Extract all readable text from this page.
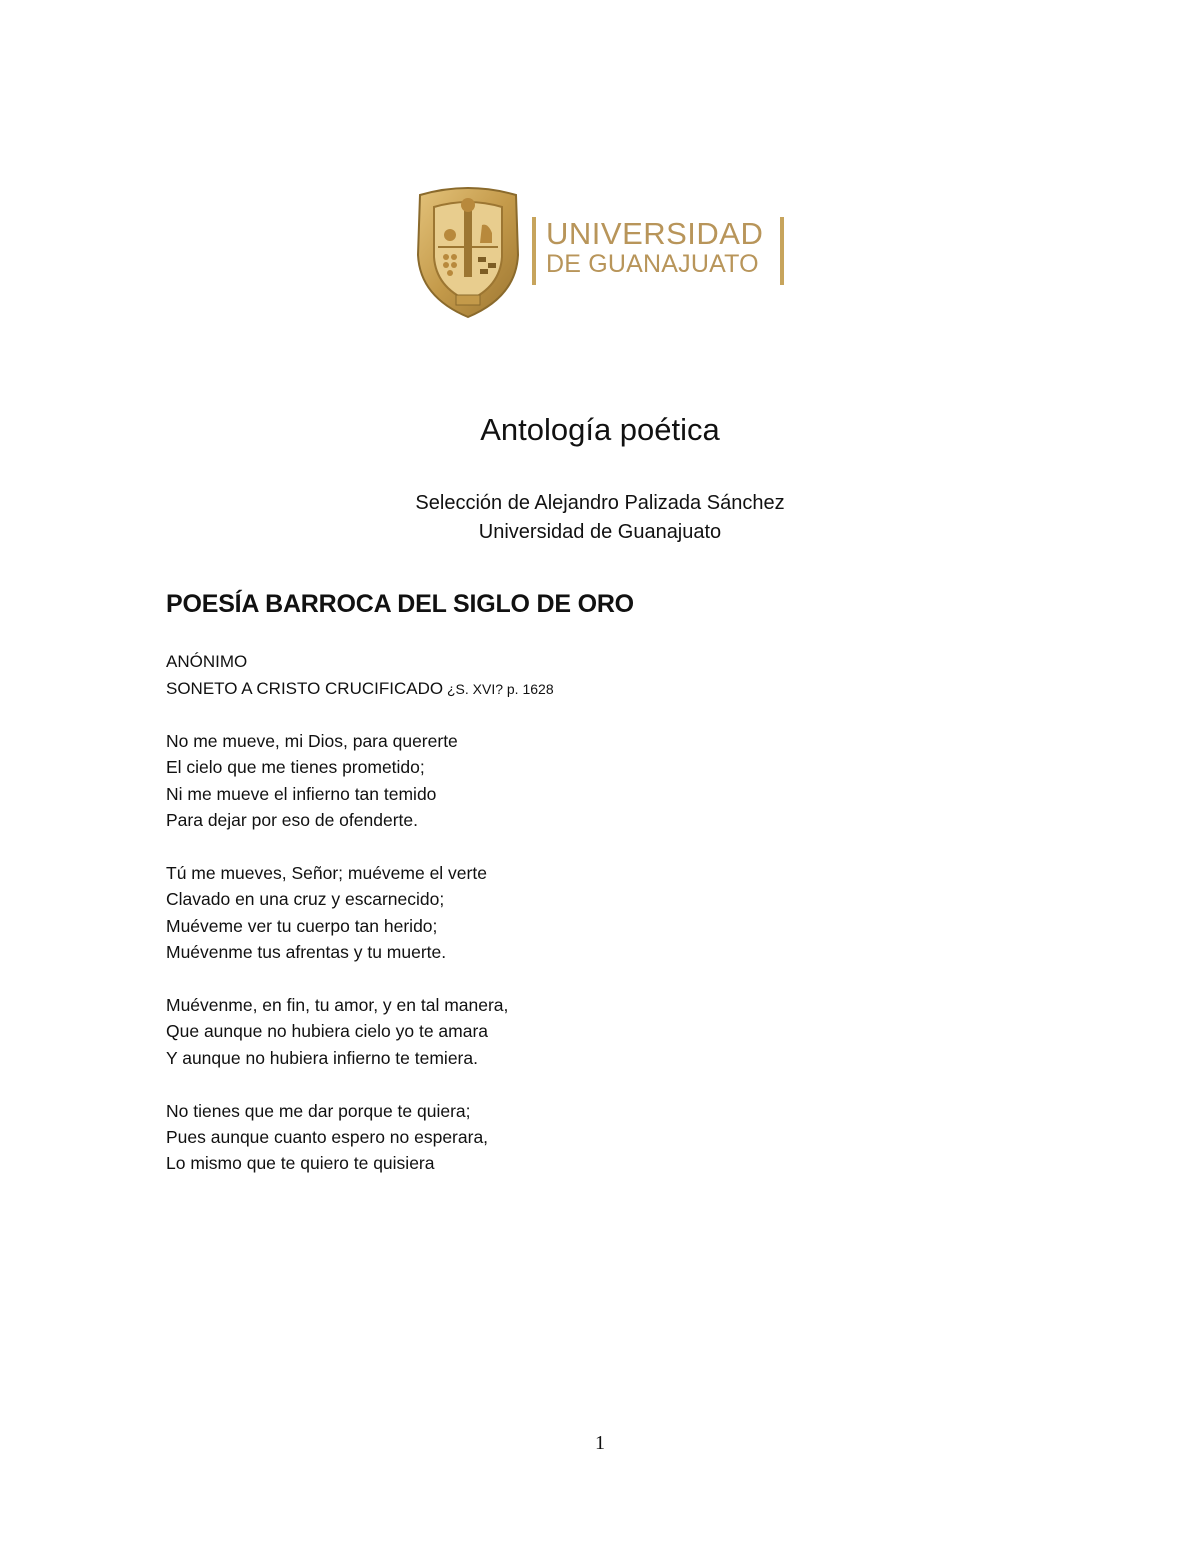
UNIVERSIDAD
DE GUANAJUATO
Antología poética
Selección de Alejandro Palizada Sánchez
Universidad de Guanajuato
POESÍA BARROCA DEL SIGLO DE ORO
ANÓNIMO
SONETO A CRISTO CRUCIFICADO ¿S. XVI? p. 1628
No me mueve, mi Dios, para quererte
El cielo que me tienes prometido;
Ni me mueve el infierno tan temido
Para dejar por eso de ofenderte.
Tú me mueves, Señor; muéveme el verte
Clavado en una cruz y escarnecido;
Muéveme ver tu cuerpo tan herido;
Muévenme tus afrentas y tu muerte.
Muévenme, en fin, tu amor, y en tal manera,
Que aunque no hubiera cielo yo te amara
Y aunque no hubiera infierno te temiera.
No tienes que me dar porque te quiera;
Pues aunque cuanto espero no esperara,
Lo mismo que te quiero te quisiera
1
